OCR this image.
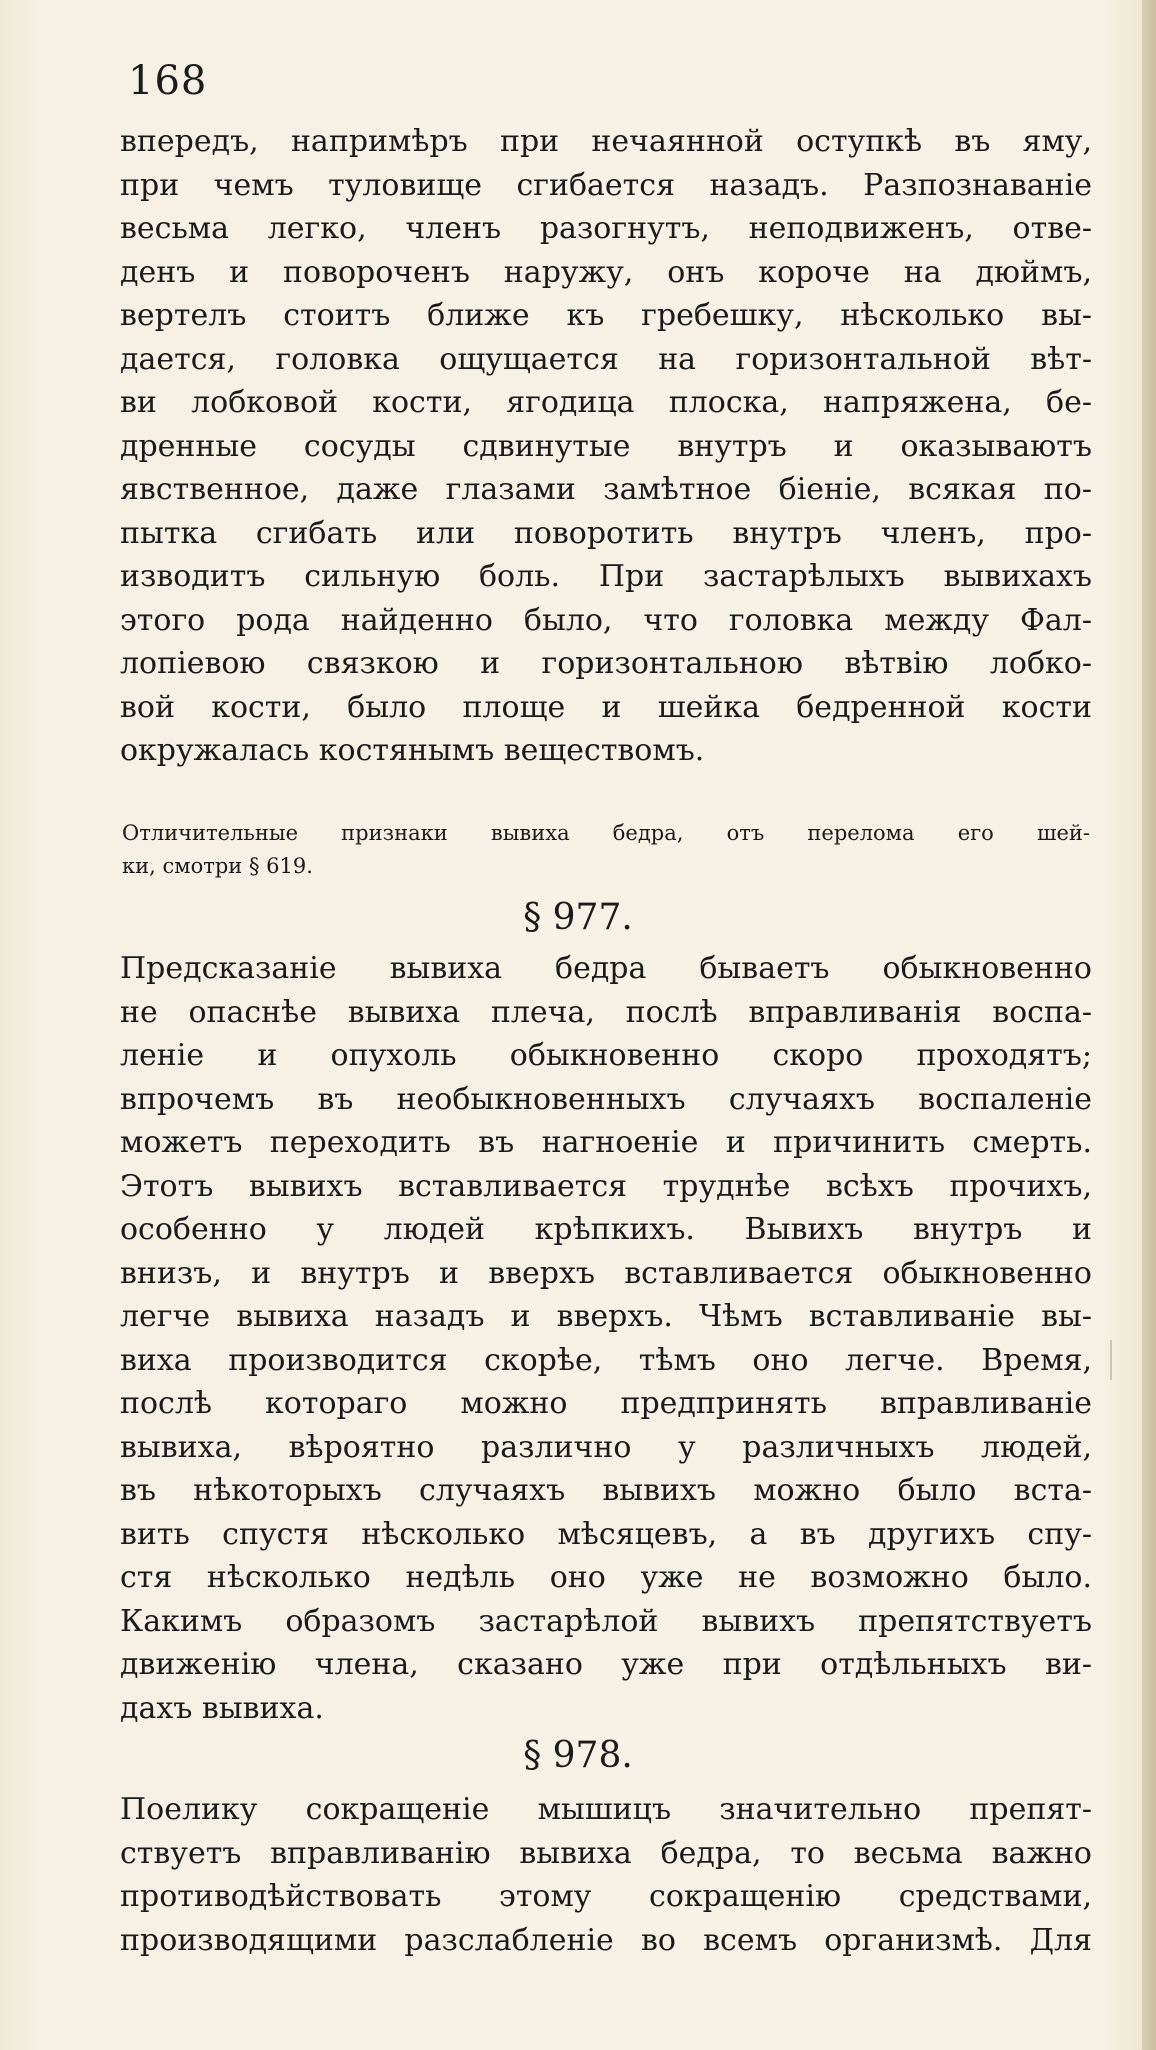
168
впередъ, напримѣръ при нечаянной оступкѣ въ яму,
при чемъ туловище сгибается назадъ. Разпознаваніе
весьма легко, членъ разогнутъ, неподвиженъ, отве-
денъ и повороченъ наружу, онъ короче на дюймъ,
вертелъ стоитъ ближе къ гребешку, нѣсколько вы-
дается, головка ощущается на горизонтальной вѣт-
ви лобковой кости, ягодица плоска, напряжена, бе-
дренные сосуды сдвинутые внутръ и оказываютъ
явственное, даже глазами замѣтное біеніе, всякая по-
пытка сгибать или поворотить внутръ членъ, про-
изводитъ сильную боль. При застарѣлыхъ вывихахъ
этого рода найденно было, что головка между Фал-
лопіевою связкою и горизонтальною вѣтвію лобко-
вой кости, было площе и шейка бедренной кости
окружалась костянымъ веществомъ.
Отличительные признаки вывиха бедра, отъ перелома его шей-
ки, смотри § 619.
§ 977.
Предсказаніе вывиха бедра бываетъ обыкновенно
не опаснѣе вывиха плеча, послѣ вправливанія воспа-
леніе и опухоль обыкновенно скоро проходятъ;
впрочемъ въ необыкновенныхъ случаяхъ воспаленіе
можетъ переходить въ нагноеніе и причинить смерть.
Этотъ вывихъ вставливается труднѣе всѣхъ прочихъ,
особенно у людей крѣпкихъ. Вывихъ внутръ и
внизъ, и внутръ и вверхъ вставливается обыкновенно
легче вывиха назадъ и вверхъ. Чѣмъ вставливаніе вы-
виха производится скорѣе, тѣмъ оно легче. Время,
послѣ котораго можно предпринять вправливаніе
вывиха, вѣроятно различно у различныхъ людей,
въ нѣкоторыхъ случаяхъ вывихъ можно было вста-
вить спустя нѣсколько мѣсяцевъ, а въ другихъ спу-
стя нѣсколько недѣль оно уже не возможно было.
Какимъ образомъ застарѣлой вывихъ препятствуетъ
движенію члена, сказано уже при отдѣльныхъ ви-
дахъ вывиха.
§ 978.
Поелику сокращеніе мышицъ значительно препят-
ствуетъ вправливанію вывиха бедра, то весьма важно
противодѣйствовать этому сокращенію средствами,
производящими разслабленіе во всемъ организмѣ. Для
